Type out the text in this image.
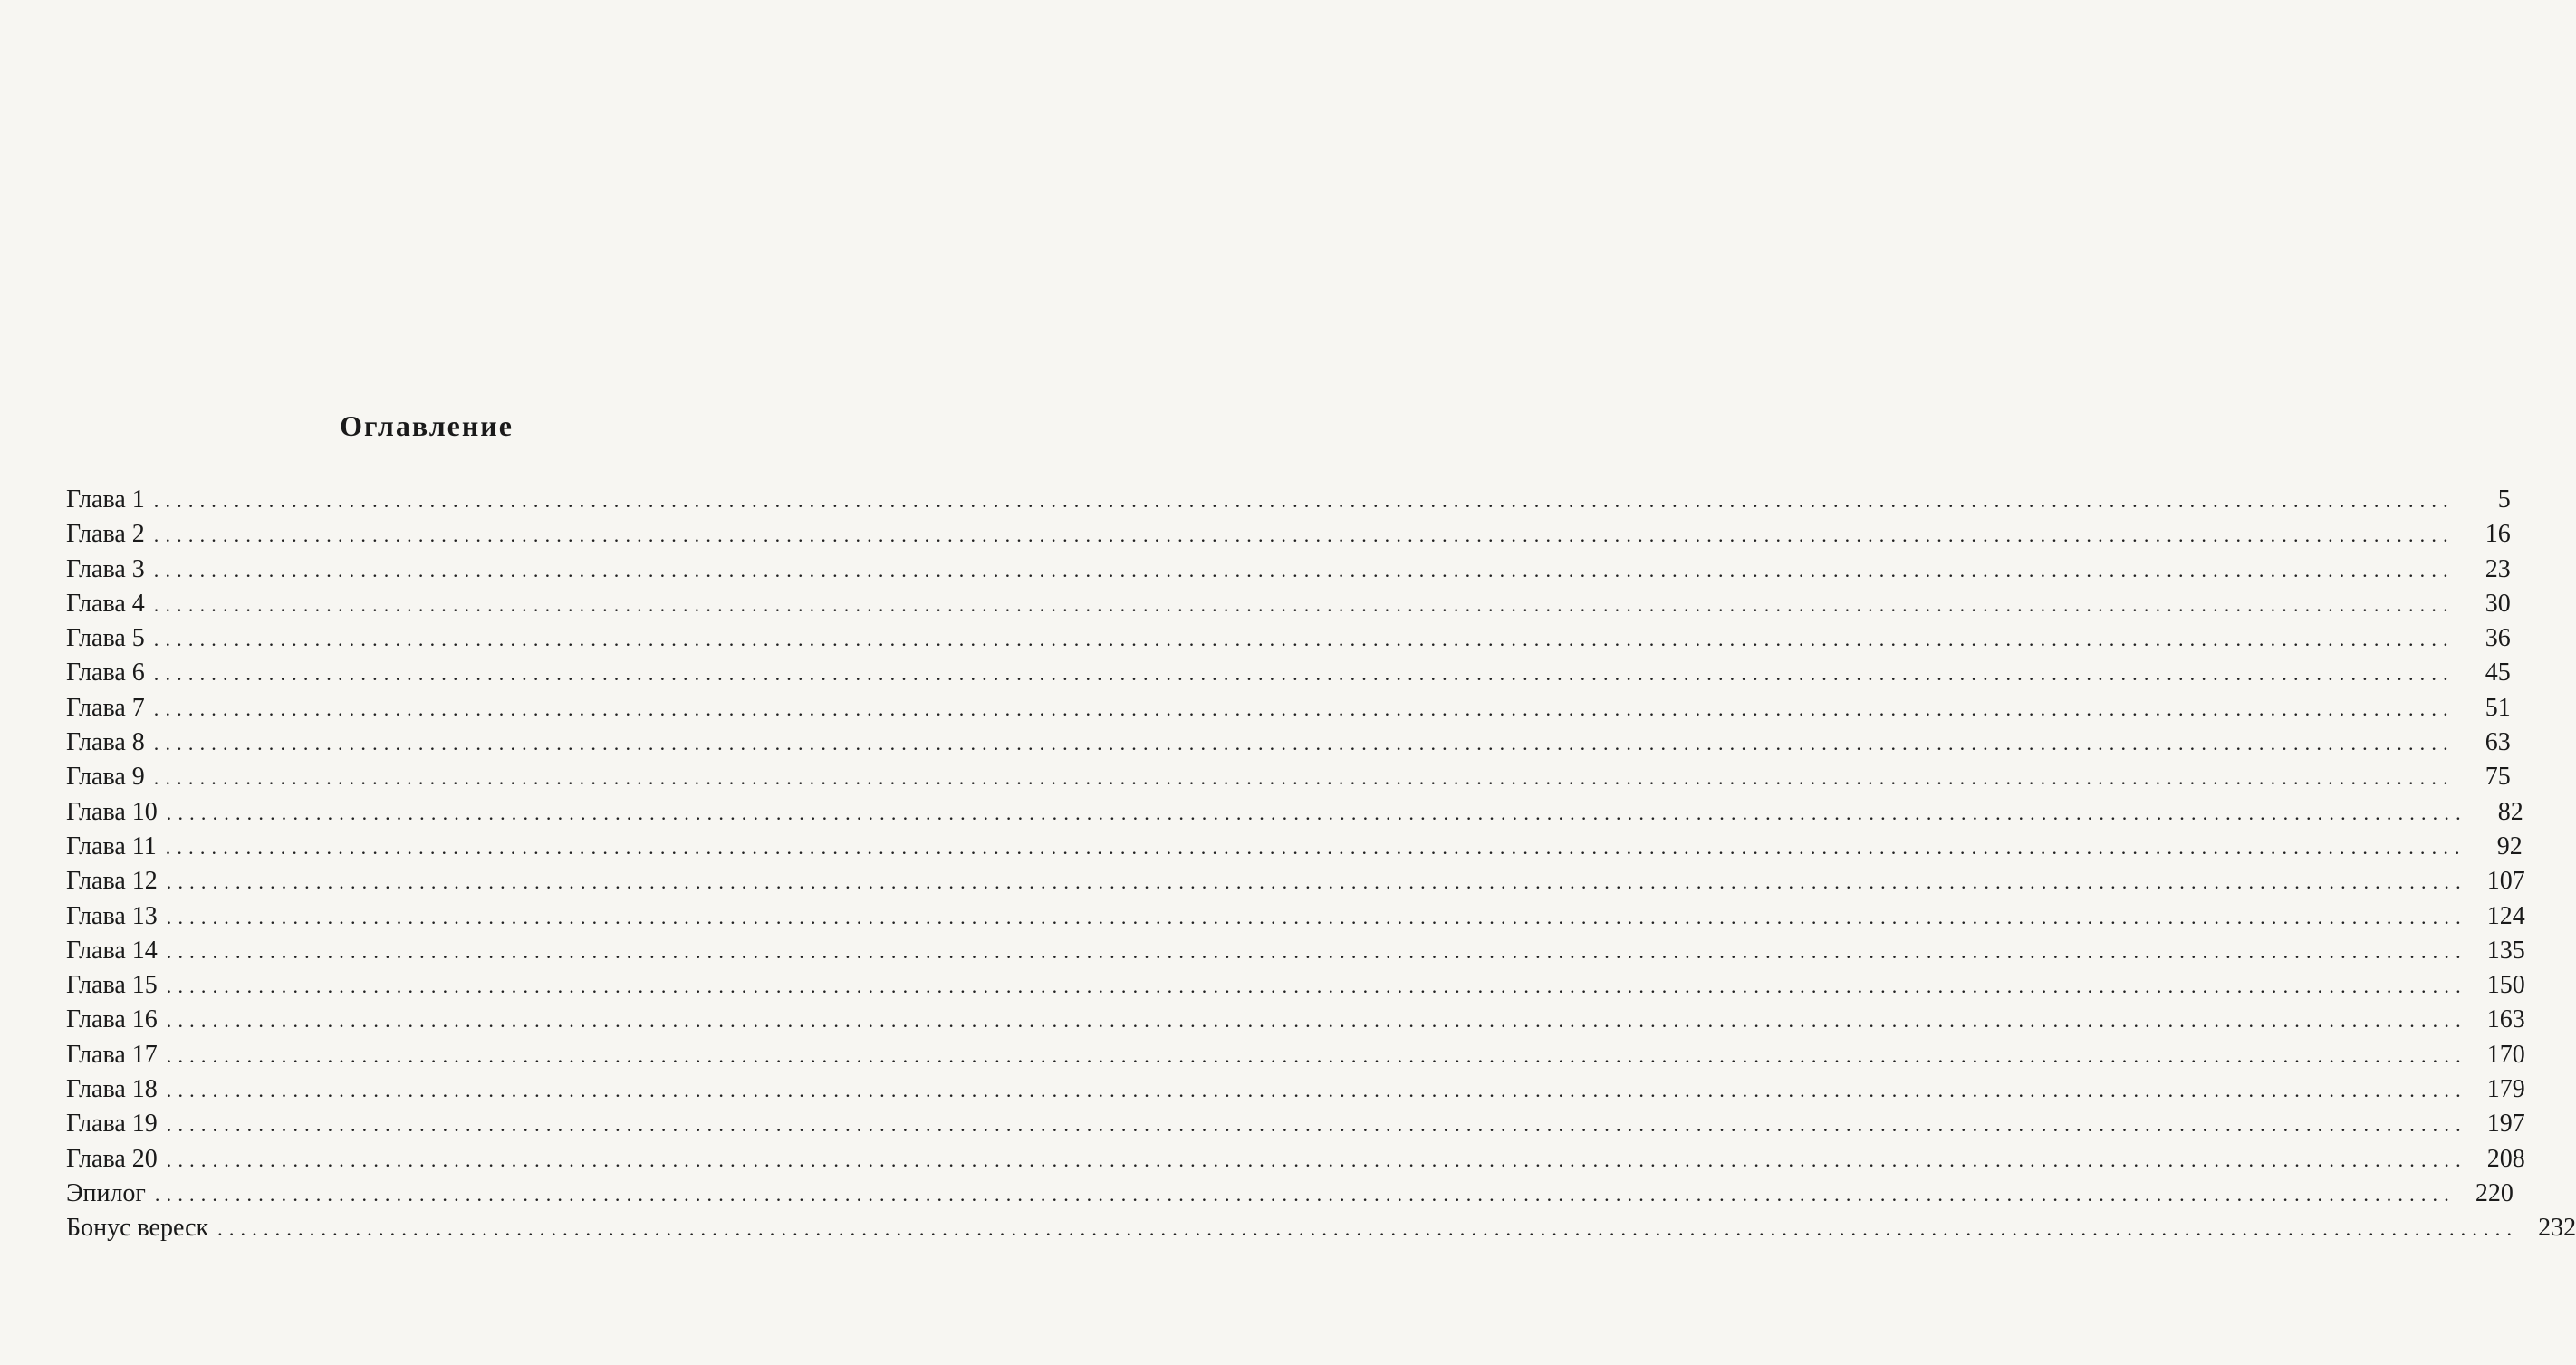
Оглавление
Глава 1 ........................................................................................................................................................................................................	5
Глава 2 ........................................................................................................................................................................................................	16
Глава 3 ........................................................................................................................................................................................................	23
Глава 4 ........................................................................................................................................................................................................	30
Глава 5 ........................................................................................................................................................................................................	36
Глава 6 ........................................................................................................................................................................................................	45
Глава 7 ........................................................................................................................................................................................................	51
Глава 8 ........................................................................................................................................................................................................	63
Глава 9 ........................................................................................................................................................................................................	75
Глава 10 ........................................................................................................................................................................................................	82
Глава 11 ........................................................................................................................................................................................................	92
Глава 12 ........................................................................................................................................................................................................ 107
Глава 13 ........................................................................................................................................................................................................ 124
Глава 14 ........................................................................................................................................................................................................ 135
Глава 15 ........................................................................................................................................................................................................ 150
Глава 16 ........................................................................................................................................................................................................ 163
Глава 17 ........................................................................................................................................................................................................ 170
Глава 18 ........................................................................................................................................................................................................ 179
Глава 19 ........................................................................................................................................................................................................ 197
Глава 20 ........................................................................................................................................................................................................ 208
Эпилог ........................................................................................................................................................................................................ 220
Бонус вереск ........................................................................................................................................................................................................ 232
